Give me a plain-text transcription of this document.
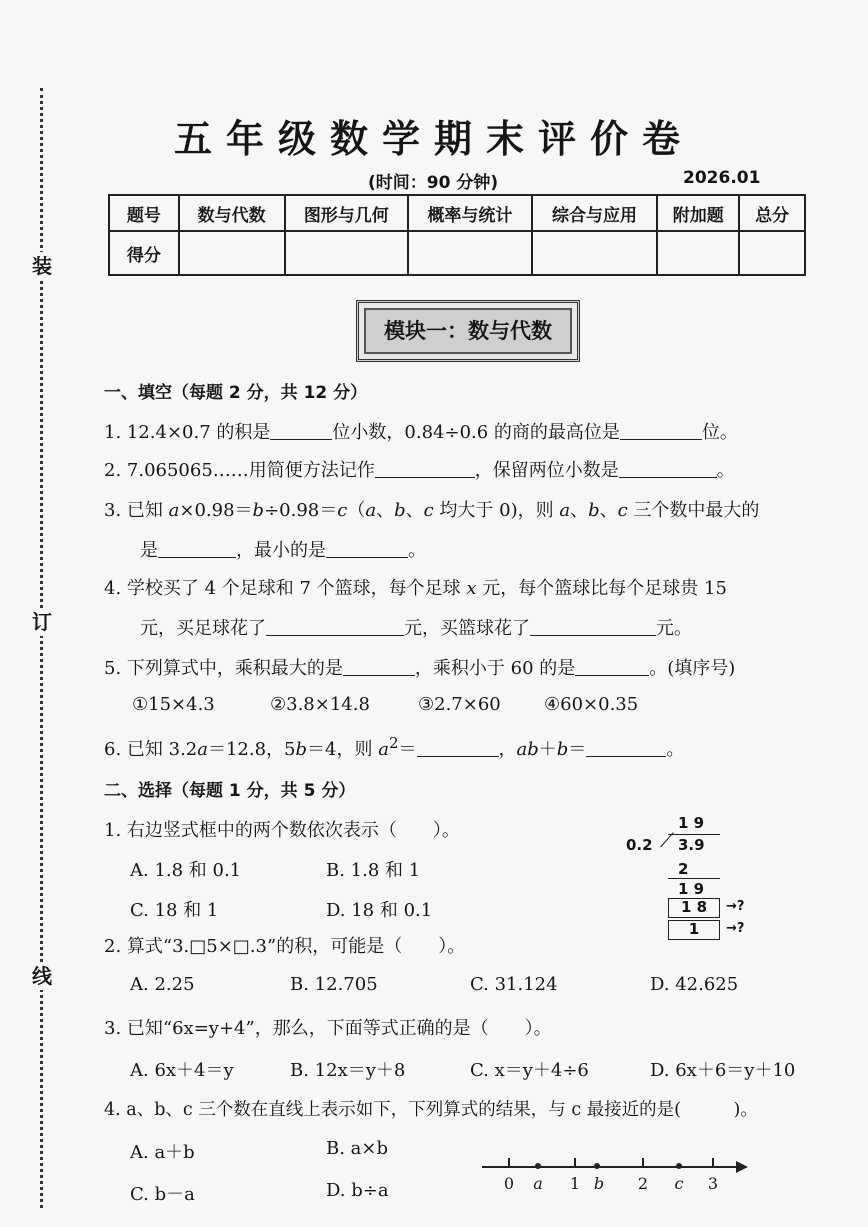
装
订
线
五年级数学期末评价卷
(时间：90 分钟)	2026.01
题号	数与代数	图形与几何	概率与统计	综合与应用	附加题	总分
得分						
模块一：数与代数
一、填空（每题 2 分，共 12 分）
1. 12.4×0.7 的积是	位小数，0.84÷0.6 的商的最高位是	位。
2. 7.065065……用简便方法记作	，保留两位小数是	。
3. 已知 a×0.98＝b÷0.98＝c（a、b、c 均大于 0)，则 a、b、c 三个数中最大的
是	，最小的是	。
4. 学校买了 4 个足球和 7 个篮球，每个足球 x 元，每个篮球比每个足球贵 15
元，买足球花了	元，买篮球花了	元。
5. 下列算式中，乘积最大的是	，乘积小于 60 的是	。(填序号)
①15×4.3	②3.8×14.8	③2.7×60 ④60×0.35
6. 已知 3.2a＝12.8，5b＝4，则 $a^2=$	，ab＋b＝	。
二、选择（每题 1 分，共 5 分）
1. 右边竖式框中的两个数依次表示（　　）。
A. 1.8 和 0.1	B. 1.8 和 1
C. 18 和 1	D. 18 和 0.1
1 9
0.2 ⟋ 3.9
2
1 9
1 8	→?
1	→?
2. 算式“3.□5×□.3”的积，可能是（　　）。
A. 2.25	B. 12.705	C. 31.124	D. 42.625
3. 已知“6x=y+4”，那么，下面等式正确的是（　　）。
A. 6x＋4＝y	B. 12x＝y＋8	C. x＝y＋4÷6	D. 6x＋6＝y＋10
4. a、b、c 三个数在直线上表示如下，下列算式的结果，与 c 最接近的是(　　　)。
A. a＋b	B. a×b
C. b－a	D. b÷a	0	a	1 b	2	c	3
